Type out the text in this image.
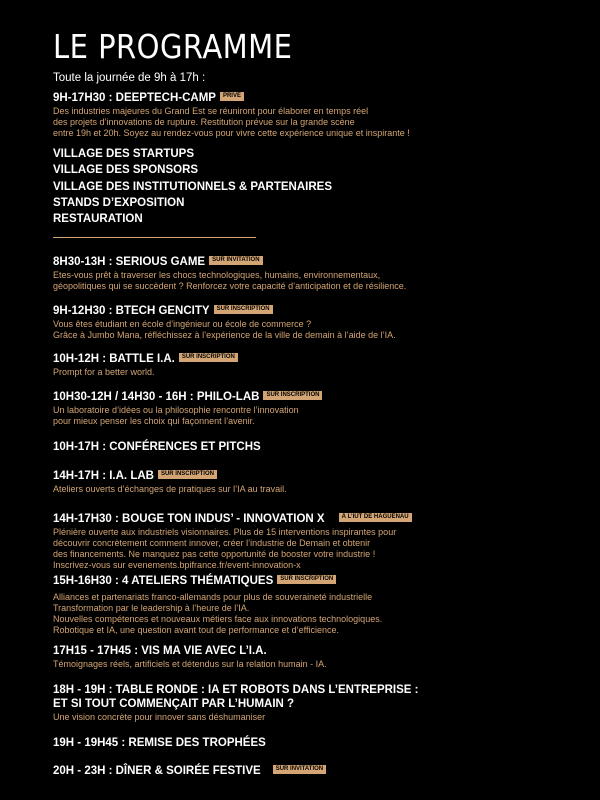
LE PROGRAMME
Toute la journée de 9h à 17h :
9H-17H30 : DEEPTECH-CAMP PRIVÉ
Des industries majeures du Grand Est se réuniront pour élaborer en temps réel
des projets d’innovations de rupture. Restitution prévue sur la grande scène
entre 19h et 20h. Soyez au rendez-vous pour vivre cette expérience unique et inspirante !
VILLAGE DES STARTUPS
VILLAGE DES SPONSORS
VILLAGE DES INSTITUTIONNELS & PARTENAIRES
STANDS D’EXPOSITION
RESTAURATION
8H30-13H : SERIOUS GAME SUR INVITATION
Etes-vous prêt à traverser les chocs technologiques, humains, environnementaux,
géopolitiques qui se succèdent ? Renforcez votre capacité d’anticipation et de résilience.
9H-12H30 : BTECH GENCITY SUR INSCRIPTION
Vous êtes étudiant en école d’ingénieur ou école de commerce ?
Grâce à Jumbo Mana, réfléchissez à l’expérience de la ville de demain à l’aide de l’IA.
10H-12H : BATTLE I.A. SUR INSCRIPTION
Prompt for a better world.
10H30-12H / 14H30 - 16H : PHILO-LAB SUR INSCRIPTION
Un laboratoire d’idées ou la philosophie rencontre l’innovation
pour mieux penser les choix qui façonnent l’avenir.
10H-17H : CONFÉRENCES ET PITCHS
14H-17H : I.A. LAB SUR INSCRIPTION
Ateliers ouverts d’échanges de pratiques sur l’IA au travail.
14H-17H30 : BOUGE TON INDUS’ - INNOVATION X	À L’IUT DE HAGUENAU
Plénière ouverte aux industriels visionnaires. Plus de 15 interventions inspirantes pour
découvrir concrètement comment innover, créer l’industrie de Demain et obtenir
des financements. Ne manquez pas cette opportunité de booster votre industrie !
Inscrivez-vous sur evenements.bpifrance.fr/event-innovation-x
15H-16H30 : 4 ATELIERS THÉMATIQUES SUR INSCRIPTION
Alliances et partenariats franco-allemands pour plus de souveraineté industrielle
Transformation par le leadership à l’heure de l’IA.
Nouvelles compétences et nouveaux métiers face aux innovations technologiques.
Robotique et IA, une question avant tout de performance et d’efficience.
17H15 - 17H45 : VIS MA VIE AVEC L’I.A.
Témoignages réels, artificiels et détendus sur la relation humain - IA.
18H - 19H : TABLE RONDE : IA ET ROBOTS DANS L’ENTREPRISE :
ET SI TOUT COMMENÇAIT PAR L’HUMAIN ?
Une vision concrète pour innover sans déshumaniser
19H - 19H45 : REMISE DES TROPHÉES
20H - 23H : DÎNER & SOIRÉE FESTIVE	SUR INVITATION
